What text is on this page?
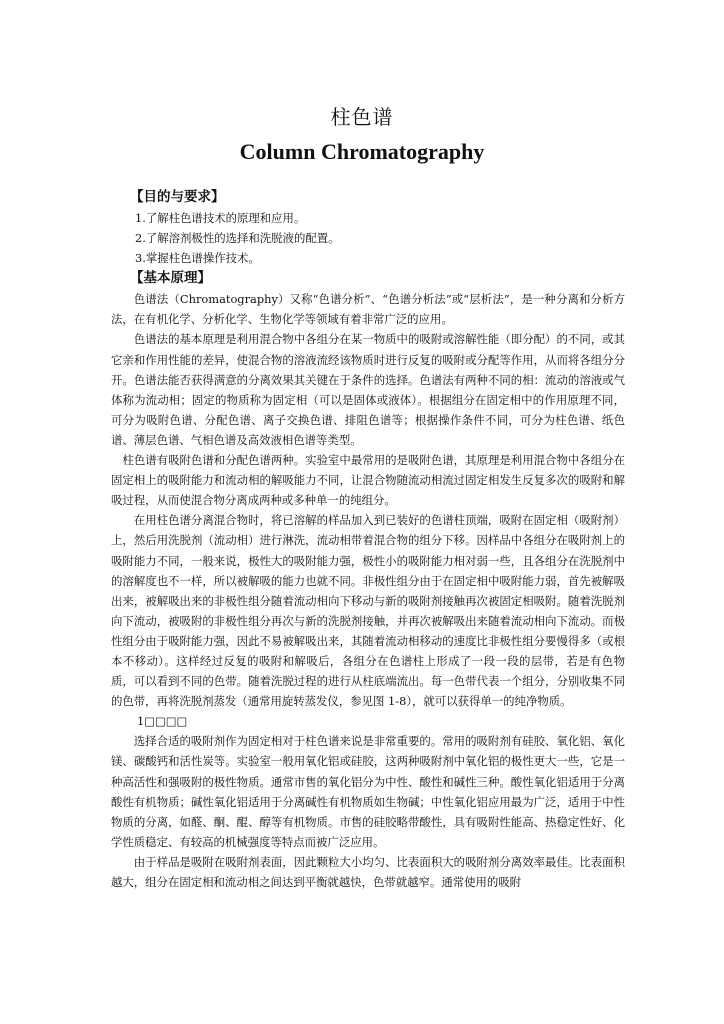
柱色谱
Column Chromatography
【目的与要求】
1.了解柱色谱技术的原理和应用。
2.了解溶剂极性的选择和洗脱液的配置。
3.掌握柱色谱操作技术。
【基本原理】

色谱法（Chromatography）又称“色谱分析”、“色谱分析法”或“层析法”，是一种分离和分析方法，在有机化学、分析化学、生物化学等领域有着非常广泛的应用。

色谱法的基本原理是利用混合物中各组分在某一物质中的吸附或溶解性能（即分配）的不同，或其它亲和作用性能的差异，使混合物的溶液流经该物质时进行反复的吸附或分配等作用，从而将各组分分开。色谱法能否获得满意的分离效果其关键在于条件的选择。色谱法有两种不同的相：流动的溶液或气体称为流动相；固定的物质称为固定相（可以是固体或液体）。根据组分在固定相中的作用原理不同，可分为吸附色谱、分配色谱、离子交换色谱、排阻色谱等；根据操作条件不同，可分为柱色谱、纸色谱、薄层色谱、气相色谱及高效液相色谱等类型。

柱色谱有吸附色谱和分配色谱两种。实验室中最常用的是吸附色谱，其原理是利用混合物中各组分在固定相上的吸附能力和流动相的解吸能力不同，让混合物随流动相流过固定相发生反复多次的吸附和解吸过程，从而使混合物分离成两种或多种单一的纯组分。

在用柱色谱分离混合物时，将已溶解的样品加入到已装好的色谱柱顶端，吸附在固定相（吸附剂）上，然后用洗脱剂（流动相）进行淋洗，流动相带着混合物的组分下移。因样品中各组分在吸附剂上的吸附能力不同，一般来说，极性大的吸附能力强，极性小的吸附能力相对弱一些，且各组分在洗脱剂中的溶解度也不一样，所以被解吸的能力也就不同。非极性组分由于在固定相中吸附能力弱，首先被解吸出来，被解吸出来的非极性组分随着流动相向下移动与新的吸附剂接触再次被固定相吸附。随着洗脱剂向下流动，被吸附的非极性组分再次与新的洗脱剂接触，并再次被解吸出来随着流动相向下流动。而极性组分由于吸附能力强，因此不易被解吸出来，其随着流动相移动的速度比非极性组分要慢得多（或根本不移动）。这样经过反复的吸附和解吸后，各组分在色谱柱上形成了一段一段的层带，若是有色物质，可以看到不同的色带。随着洗脱过程的进行从柱底端流出。每一色带代表一个组分，分别收集不同的色带，再将洗脱剂蒸发（通常用旋转蒸发仪，参见图 1-8），就可以获得单一的纯净物质。

1□□□□

选择合适的吸附剂作为固定相对于柱色谱来说是非常重要的。常用的吸附剂有硅胶、氧化铝、氧化镁、碳酸钙和活性炭等。实验室一般用氧化铝或硅胶，这两种吸附剂中氧化铝的极性更大一些，它是一种高活性和强吸附的极性物质。通常市售的氧化铝分为中性、酸性和碱性三种。酸性氧化铝适用于分离酸性有机物质；碱性氧化铝适用于分离碱性有机物质如生物碱；中性氧化铝应用最为广泛，适用于中性物质的分离，如醛、酮、醌、醇等有机物质。市售的硅胶略带酸性，具有吸附性能高、热稳定性好、化学性质稳定、有较高的机械强度等特点而被广泛应用。

由于样品是吸附在吸附剂表面，因此颗粒大小均匀、比表面积大的吸附剂分离效率最佳。比表面积越大，组分在固定相和流动相之间达到平衡就越快，色带就越窄。通常使用的吸附
